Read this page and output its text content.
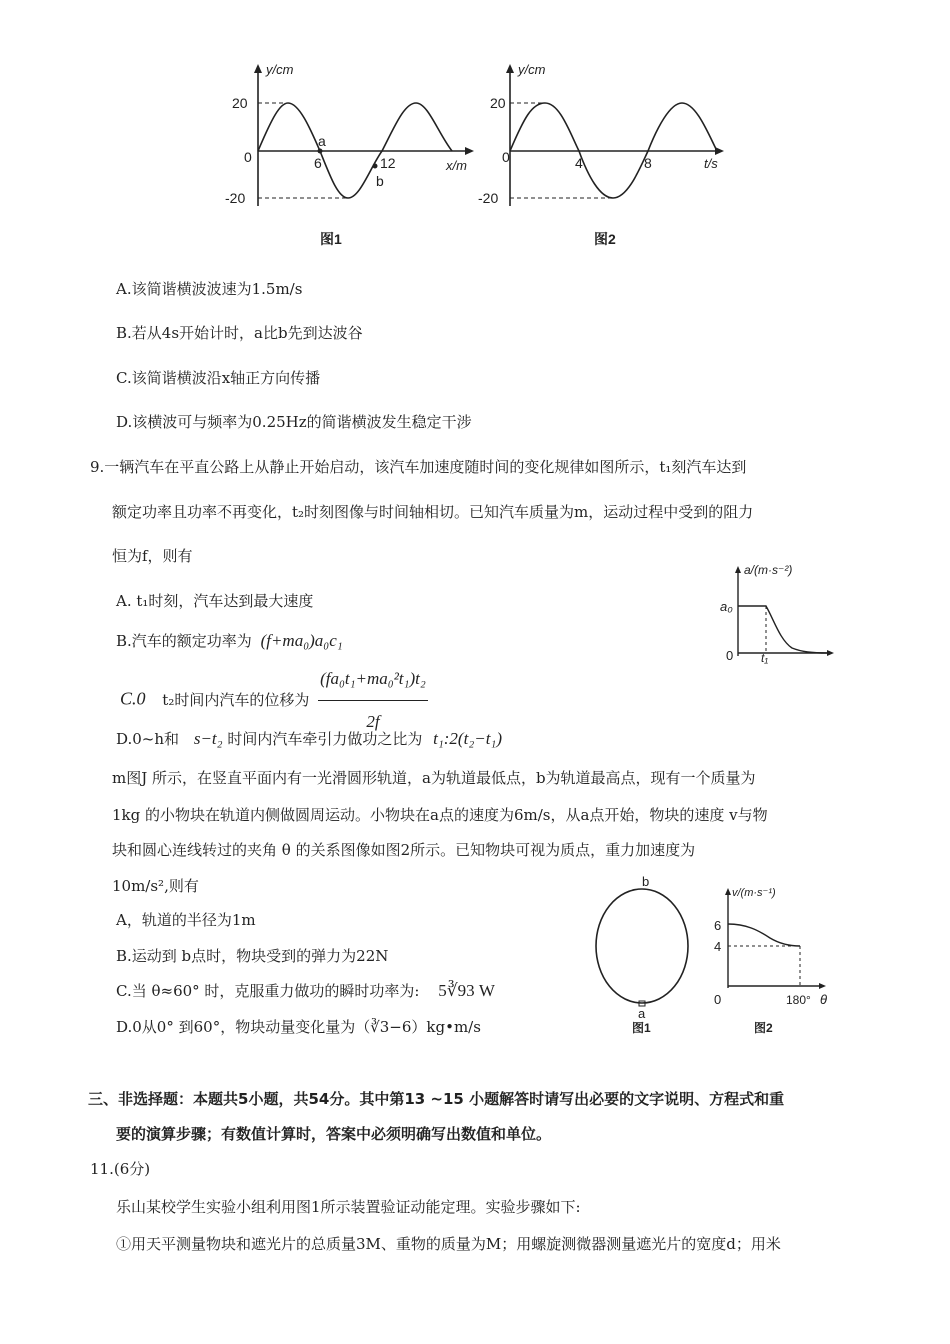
y/cm
20
-20
0	6	12
a
b
x/m
图1
y/cm
20
-20
0	4	8	t/s
图2
A.该简谐横波波速为1.5m/s
B.若从4s开始计时，a比b先到达波谷
C.该简谐横波沿x轴正方向传播
D.该横波可与频率为0.25Hz的简谐横波发生稳定干涉
9.一辆汽车在平直公路上从静止开始启动，该汽车加速度随时间的变化规律如图所示，t₁刻汽车达到
额定功率且功率不再变化，t₂时刻图像与时间轴相切。已知汽车质量为m，运动过程中受到的阻力
恒为f，则有
A. t₁时刻，汽车达到最大速度
B.汽车的额定功率为 (f+ma₀)a₀c₁
C.0 t₂时间内汽车的位移为 $\frac{\text{(fa₀t₁+ma₀²t₁)t₂}}{2f}$
D.0~h和 s−t₂ 时间内汽车牵引力做功之比为 t₁:2(t₂−t₁)
a/(m·s⁻²)
a₀
0 t₁
m图J 所示，在竖直平面内有一光滑圆形轨道，a为轨道最低点，b为轨道最高点，现有一个质量为
1kg 的小物块在轨道内侧做圆周运动。小物块在a点的速度为6m/s，从a点开始，物块的速度 v与物
块和圆心连线转过的夹角 θ 的关系图像如图2所示。已知物块可视为质点，重力加速度为
10m/s²,则有
A，轨道的半径为1m
B.运动到 b点时，物块受到的弹力为22N
C.当 θ≈60° 时，克服重力做功的瞬时功率为: 5∛93 W
D.0从0° 到60°，物块动量变化量为（∛3−6）kg•m/s
b
a
图1
v/(m·s⁻¹)
6
4
0	180° θ
图2
三、非选择题：本题共5小题，共54分。其中第13 ~15 小题解答时请写出必要的文字说明、方程式和重
要的演算步骤；有数值计算时，答案中必须明确写出数值和单位。
11.(6分)
乐山某校学生实验小组利用图1所示装置验证动能定理。实验步骤如下:
①用天平测量物块和遮光片的总质量3M、重物的质量为M；用螺旋测微器测量遮光片的宽度d；用米
